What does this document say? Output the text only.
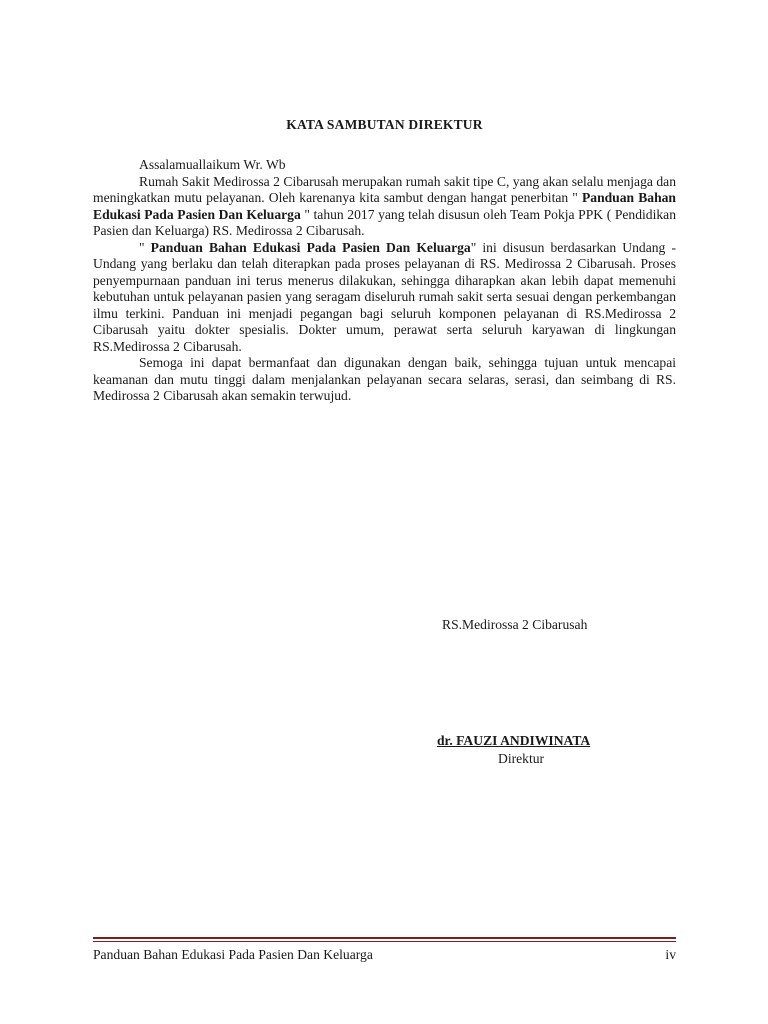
KATA SAMBUTAN DIREKTUR
Assalamuallaikum Wr. Wb

Rumah Sakit Medirossa 2 Cibarusah merupakan rumah sakit tipe C, yang akan selalu menjaga dan meningkatkan mutu pelayanan. Oleh karenanya kita sambut dengan hangat penerbitan " Panduan Bahan Edukasi Pada Pasien Dan Keluarga " tahun 2017 yang telah disusun oleh Team Pokja PPK ( Pendidikan Pasien dan Keluarga) RS. Medirossa 2 Cibarusah.

" Panduan Bahan Edukasi Pada Pasien Dan Keluarga" ini disusun berdasarkan Undang - Undang yang berlaku dan telah diterapkan pada proses pelayanan di RS. Medirossa 2 Cibarusah. Proses penyempurnaan panduan ini terus menerus dilakukan, sehingga diharapkan akan lebih dapat memenuhi kebutuhan untuk pelayanan pasien yang seragam diseluruh rumah sakit serta sesuai dengan perkembangan ilmu terkini. Panduan ini menjadi pegangan bagi seluruh komponen pelayanan di RS.Medirossa 2 Cibarusah yaitu dokter spesialis. Dokter umum, perawat serta seluruh karyawan di lingkungan RS.Medirossa 2 Cibarusah.

Semoga ini dapat bermanfaat dan digunakan dengan baik, sehingga tujuan untuk mencapai keamanan dan mutu tinggi dalam menjalankan pelayanan secara selaras, serasi, dan seimbang di RS. Medirossa 2 Cibarusah akan semakin terwujud.

RS.Medirossa 2 Cibarusah
dr. FAUZI ANDIWINATA
Direktur
Panduan Bahan Edukasi Pada Pasien Dan Keluarga	iv
